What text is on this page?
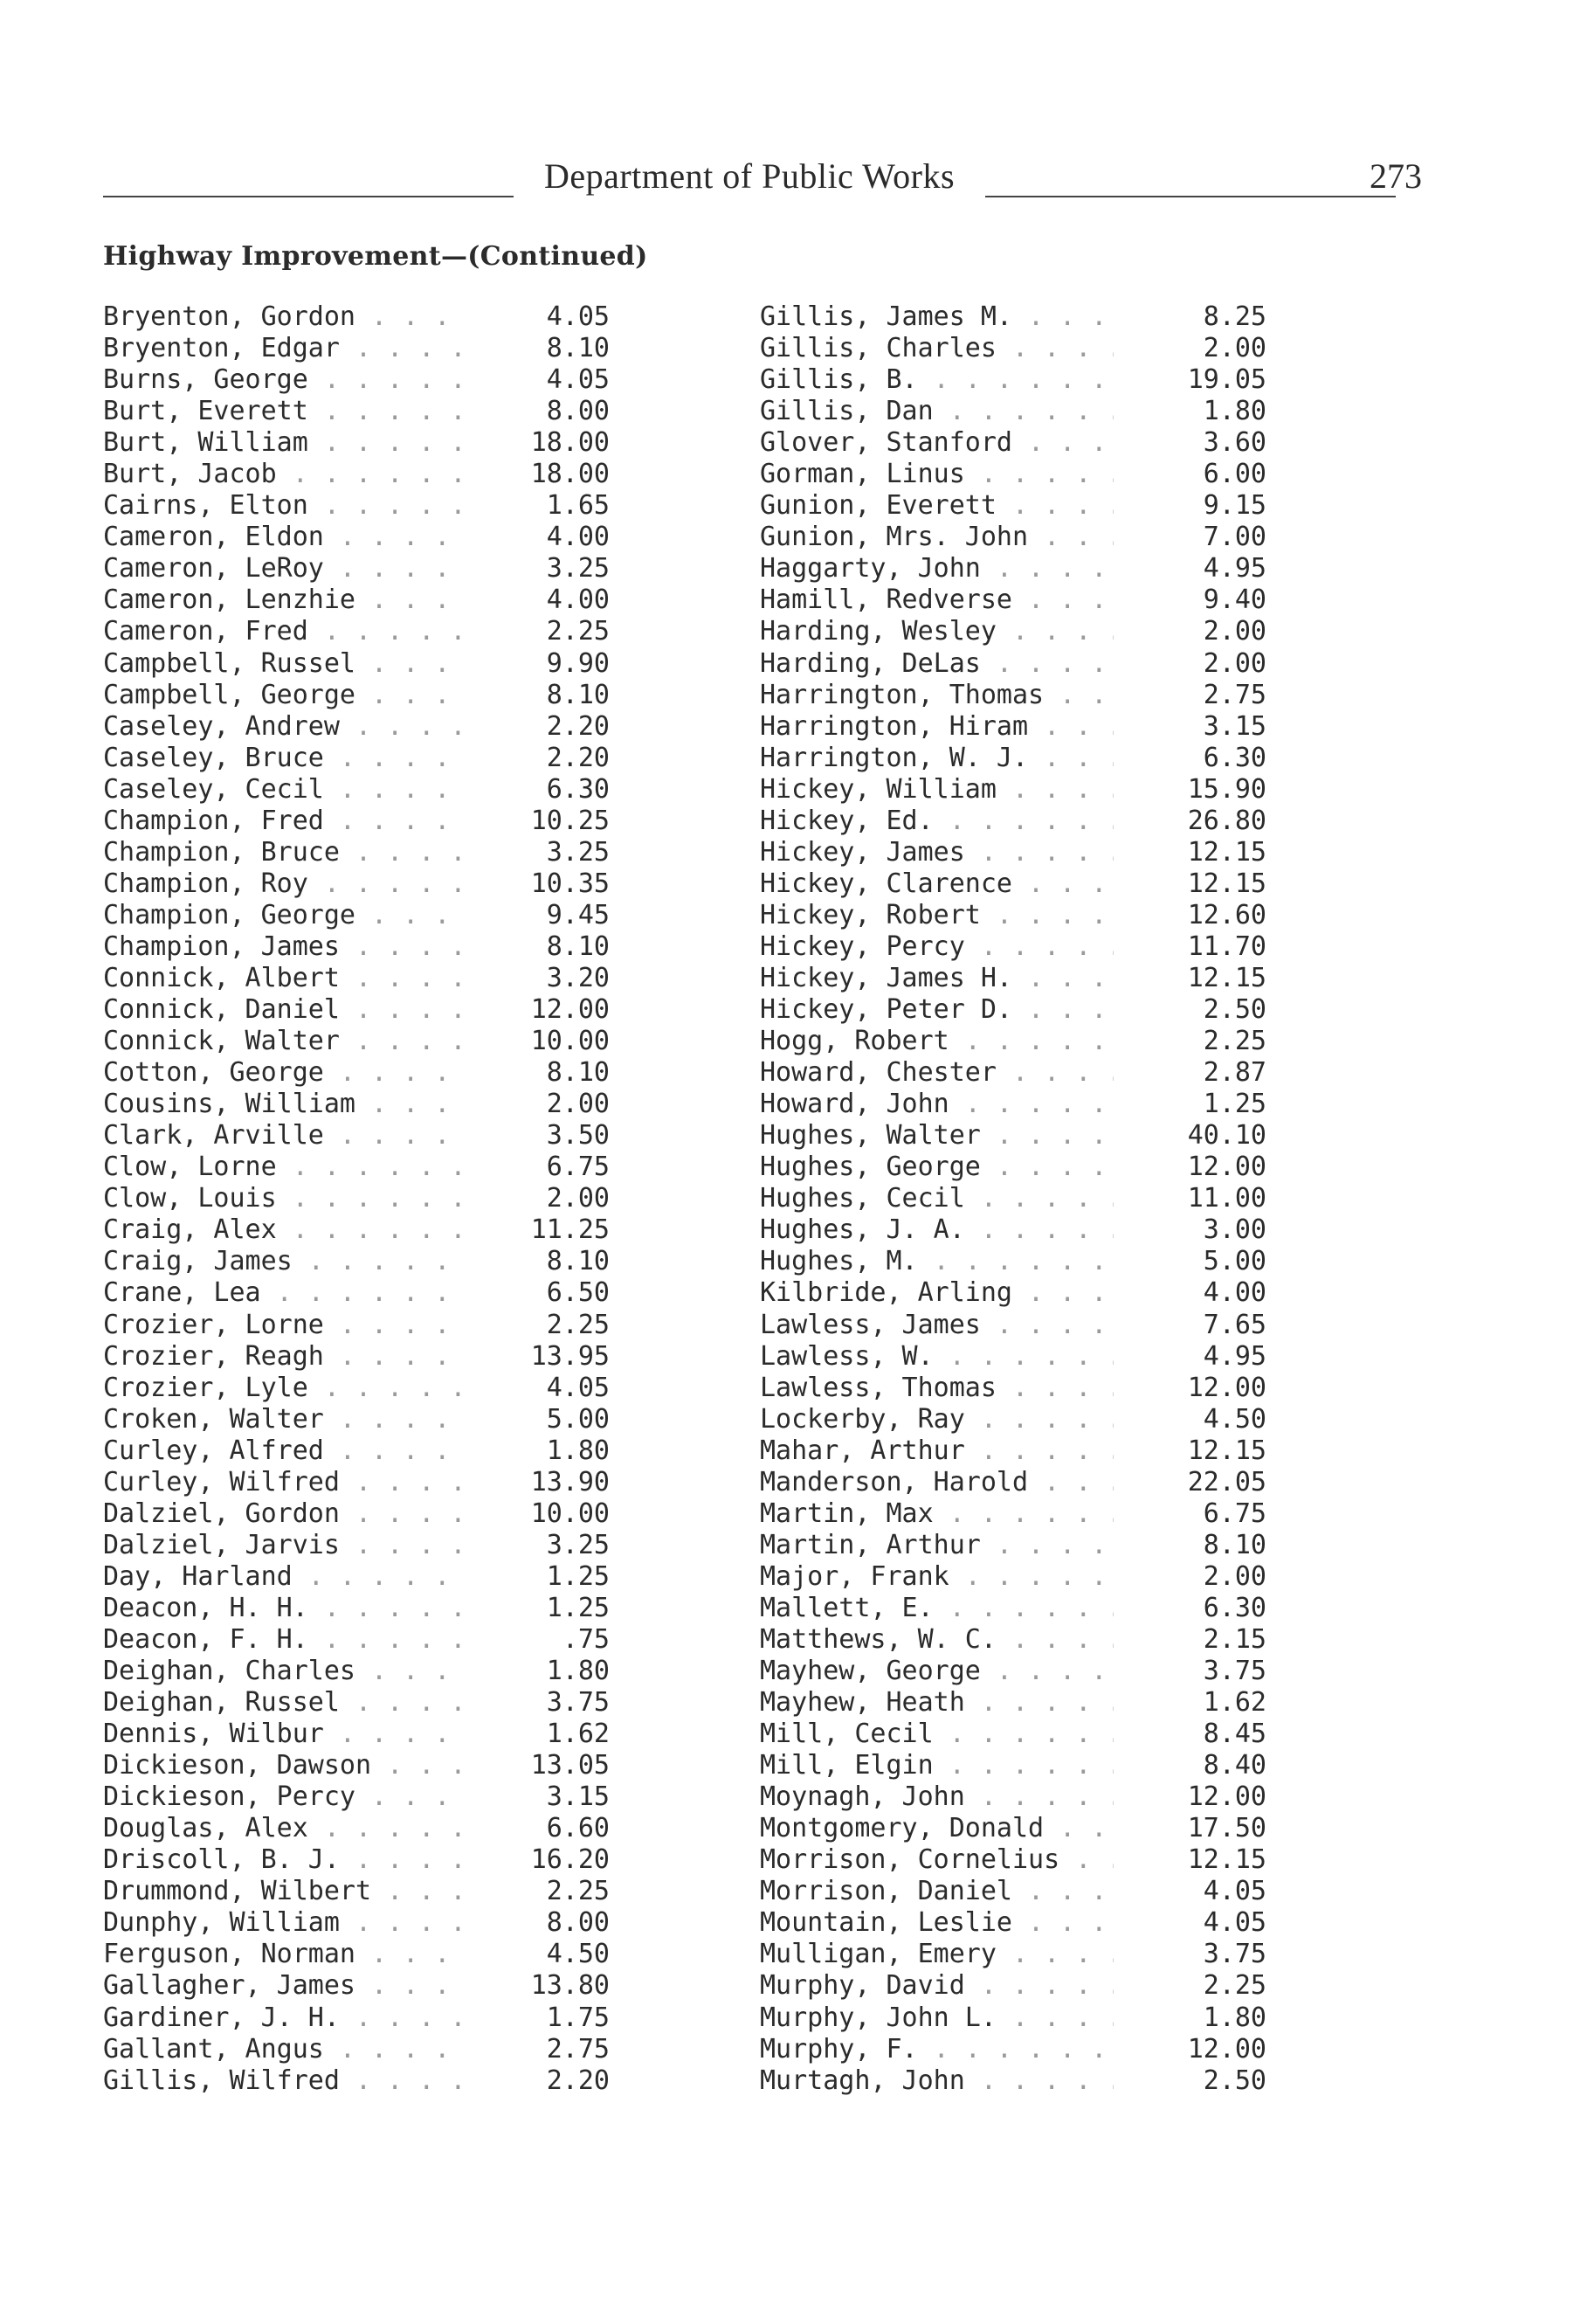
Department of Public Works	273
Highway Improvement—(Continued)
Bryenton, Gordon . . .	4.05
Bryenton, Edgar . . .	8.10
Burns, George . . .	4.05
Burt, Everett . . .	8.00
Burt, William . . .	18.00
Burt, Jacob . . .	18.00
Cairns, Elton . . .	1.65
Cameron, Eldon . . .	4.00
Cameron, LeRoy . . .	3.25
Cameron, Lenzhie . . .	4.00
Cameron, Fred . . .	2.25
Campbell, Russel . . .	9.90
Campbell, George . . .	8.10
Caseley, Andrew . . .	2.20
Caseley, Bruce . . .	2.20
Caseley, Cecil . . .	6.30
Champion, Fred . . .	10.25
Champion, Bruce . . .	3.25
Champion, Roy . . .	10.35
Champion, George . . .	9.45
Champion, James . . .	8.10
Connick, Albert . . .	3.20
Connick, Daniel . . .	12.00
Connick, Walter . . .	10.00
Cotton, George . . .	8.10
Cousins, William . . .	2.00
Clark, Arville . . .	3.50
Clow, Lorne . . .	6.75
Clow, Louis . . .	2.00
Craig, Alex . . .	11.25
Craig, James . . .	8.10
Crane, Lea . . .	6.50
Crozier, Lorne . . .	2.25
Crozier, Reagh . . .	13.95
Crozier, Lyle . . .	4.05
Croken, Walter . . .	5.00
Curley, Alfred . . .	1.80
Curley, Wilfred . . .	13.90
Dalziel, Gordon . . .	10.00
Dalziel, Jarvis . . .	3.25
Day, Harland . . .	1.25
Deacon, H. H. . . .	1.25
Deacon, F. H. . . .	.75
Deighan, Charles . . .	1.80
Deighan, Russel . . .	3.75
Dennis, Wilbur . . .	1.62
Dickieson, Dawson . . .	13.05
Dickieson, Percy . . .	3.15
Douglas, Alex . . .	6.60
Driscoll, B. J. . . .	16.20
Drummond, Wilbert . . .	2.25
Dunphy, William . . .	8.00
Ferguson, Norman . . .	4.50
Gallagher, James . . .	13.80
Gardiner, J. H. . . .	1.75
Gallant, Angus . . .	2.75
Gillis, Wilfred . . .	2.20
Gillis, James M. . . .	8.25
Gillis, Charles . . .	2.00
Gillis, B. . . .	19.05
Gillis, Dan . . .	1.80
Glover, Stanford . . .	3.60
Gorman, Linus . . .	6.00
Gunion, Everett . . .	9.15
Gunion, Mrs. John . . .	7.00
Haggarty, John . . .	4.95
Hamill, Redverse . . .	9.40
Harding, Wesley . . .	2.00
Harding, DeLas . . .	2.00
Harrington, Thomas . . .	2.75
Harrington, Hiram . . .	3.15
Harrington, W. J. . . .	6.30
Hickey, William . . .	15.90
Hickey, Ed. . . .	26.80
Hickey, James . . .	12.15
Hickey, Clarence . . .	12.15
Hickey, Robert . . .	12.60
Hickey, Percy . . .	11.70
Hickey, James H. . . .	12.15
Hickey, Peter D. . . .	2.50
Hogg, Robert . . .	2.25
Howard, Chester . . .	2.87
Howard, John . . .	1.25
Hughes, Walter . . .	40.10
Hughes, George . . .	12.00
Hughes, Cecil . . .	11.00
Hughes, J. A. . . .	3.00
Hughes, M. . . .	5.00
Kilbride, Arling . . .	4.00
Lawless, James . . .	7.65
Lawless, W. . . .	4.95
Lawless, Thomas . . .	12.00
Lockerby, Ray . . .	4.50
Mahar, Arthur . . .	12.15
Manderson, Harold . . .	22.05
Martin, Max . . .	6.75
Martin, Arthur . . .	8.10
Major, Frank . . .	2.00
Mallett, E. . . .	6.30
Matthews, W. C. . . .	2.15
Mayhew, George . . .	3.75
Mayhew, Heath . . .	1.62
Mill, Cecil . . .	8.45
Mill, Elgin . . .	8.40
Moynagh, John . . .	12.00
Montgomery, Donald . . .	17.50
Morrison, Cornelius . . .	12.15
Morrison, Daniel . . .	4.05
Mountain, Leslie . . .	4.05
Mulligan, Emery . . .	3.75
Murphy, David . . .	2.25
Murphy, John L. . . .	1.80
Murphy, F. . . .	12.00
Murtagh, John . . .	2.50
